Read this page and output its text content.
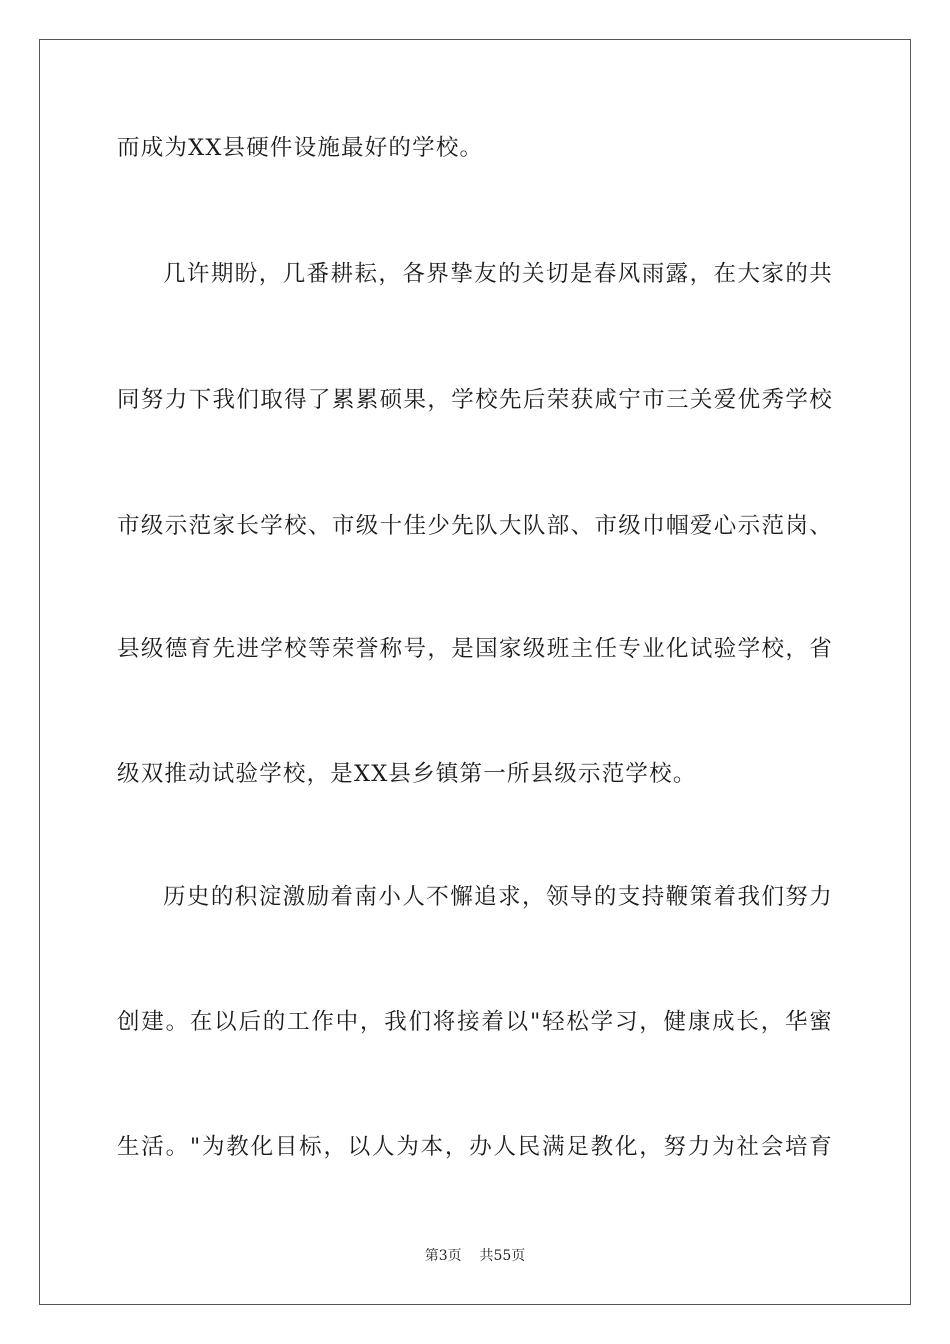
而成为XX县硬件设施最好的学校。
几许期盼，几番耕耘，各界挚友的关切是春风雨露，在大家的共
同努力下我们取得了累累硕果，学校先后荣获咸宁市三关爱优秀学校
市级示范家长学校、市级十佳少先队大队部、市级巾帼爱心示范岗、
县级德育先进学校等荣誉称号，是国家级班主任专业化试验学校，省
级双推动试验学校，是XX县乡镇第一所县级示范学校。
历史的积淀激励着南小人不懈追求，领导的支持鞭策着我们努力
创建。在以后的工作中，我们将接着以"轻松学习，健康成长，华蜜
生活。"为教化目标，以人为本，办人民满足教化，努力为社会培育
第3页 共55页
